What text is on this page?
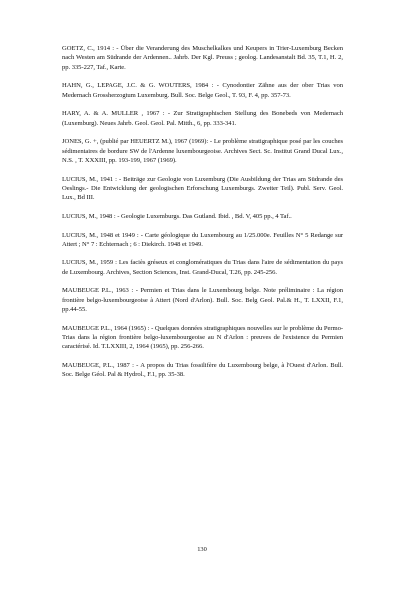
GOETZ, C., 1914 : - Über die Veranderung des Muschelkalkes und Keupers in Trier-Luxemburg Becken nach Westen am Südrande der Ardennen.. Jahrb. Der Kgl. Preuss ; geolog. Landesanstalt Bd. 35, T.1, H. 2, pp. 335-227, Taf., Karte.
HAHN, G., LEPAGE, J.C. & G. WOUTERS, 1984 : - Cynodontier Zähne aus der ober Trias von Medernach Grossherzogtum Luxemburg. Bull. Soc. Belge Geol., T. 93, F. 4, pp. 357-73.
HARY, A. & A. MULLER , 1967 : - Zur Stratigraphischen Stellung des Bonebeds von Medernach (Luxemburg). Neues Jahrb. Geol. Geol. Pal. Mitth., 6, pp. 333-341.
JONES, G. +, (publié par HEUERTZ M.), 1967 (1969): - Le problème stratigraphique posé par les couches sédimentaires de bordure SW de l'Ardenne luxembourgeoise. Archives Sect. Sc. Institut Grand Ducal Lux., N.S. , T. XXXIII, pp. 193-199, 1967 (1969).
LUCIUS, M., 1941 : - Beiträge zur Geologie von Luxemburg (Die Ausbildung der Trias am Südrande des Oeslings.- Die Entwicklung der geologischen Erforschung Luxemburgs. Zweiter Teil). Publ. Serv. Geol. Lux., Bd III.
LUCIUS, M., 1948 : - Geologie Luxemburgs. Das Gutland. Ibid. , Bd. V, 405 pp., 4 Taf..
LUCIUS, M., 1948 et 1949 : - Carte géologique du Luxembourg au 1/25.000e. Feuilles N° 5 Redange sur Attert ; N° 7 : Echternach ; 6 : Diekirch. 1948 et 1949.
LUCIUS, M., 1959 : Les faciès gréseux et conglomératiques du Trias dans l'aire de sédimentation du pays de Luxembourg. Archives, Section Sciences, Inst. Grand-Ducal, T.26, pp. 245-256.
MAUBEUGE P.L., 1963 : - Permien et Trias dans le Luxembourg belge. Note préliminaire : La région frontière belgo-luxembourgeoise à Attert (Nord d'Arlon). Bull. Soc. Belg Geol. Pal.& H., T. LXXII, F.1, pp.44-55.
MAUBEUGE P.L., 1964 (1965) : - Quelques données stratigraphiques nouvelles sur le problème du Permo-Trias dans la région frontière belgo-luxembourgeoise au N d'Arlon : preuves de l'existence du Permien caractérisé. Id. T.LXXIII, 2, 1964 (1965), pp. 256-266.
MAUBEUGE, P.L., 1987 : - A propos du Trias fossilifère du Luxembourg belge, à l'Ouest d'Arlon. Bull. Soc. Belge Géol. Pal & Hydrol., F.1, pp. 35-38.
130
